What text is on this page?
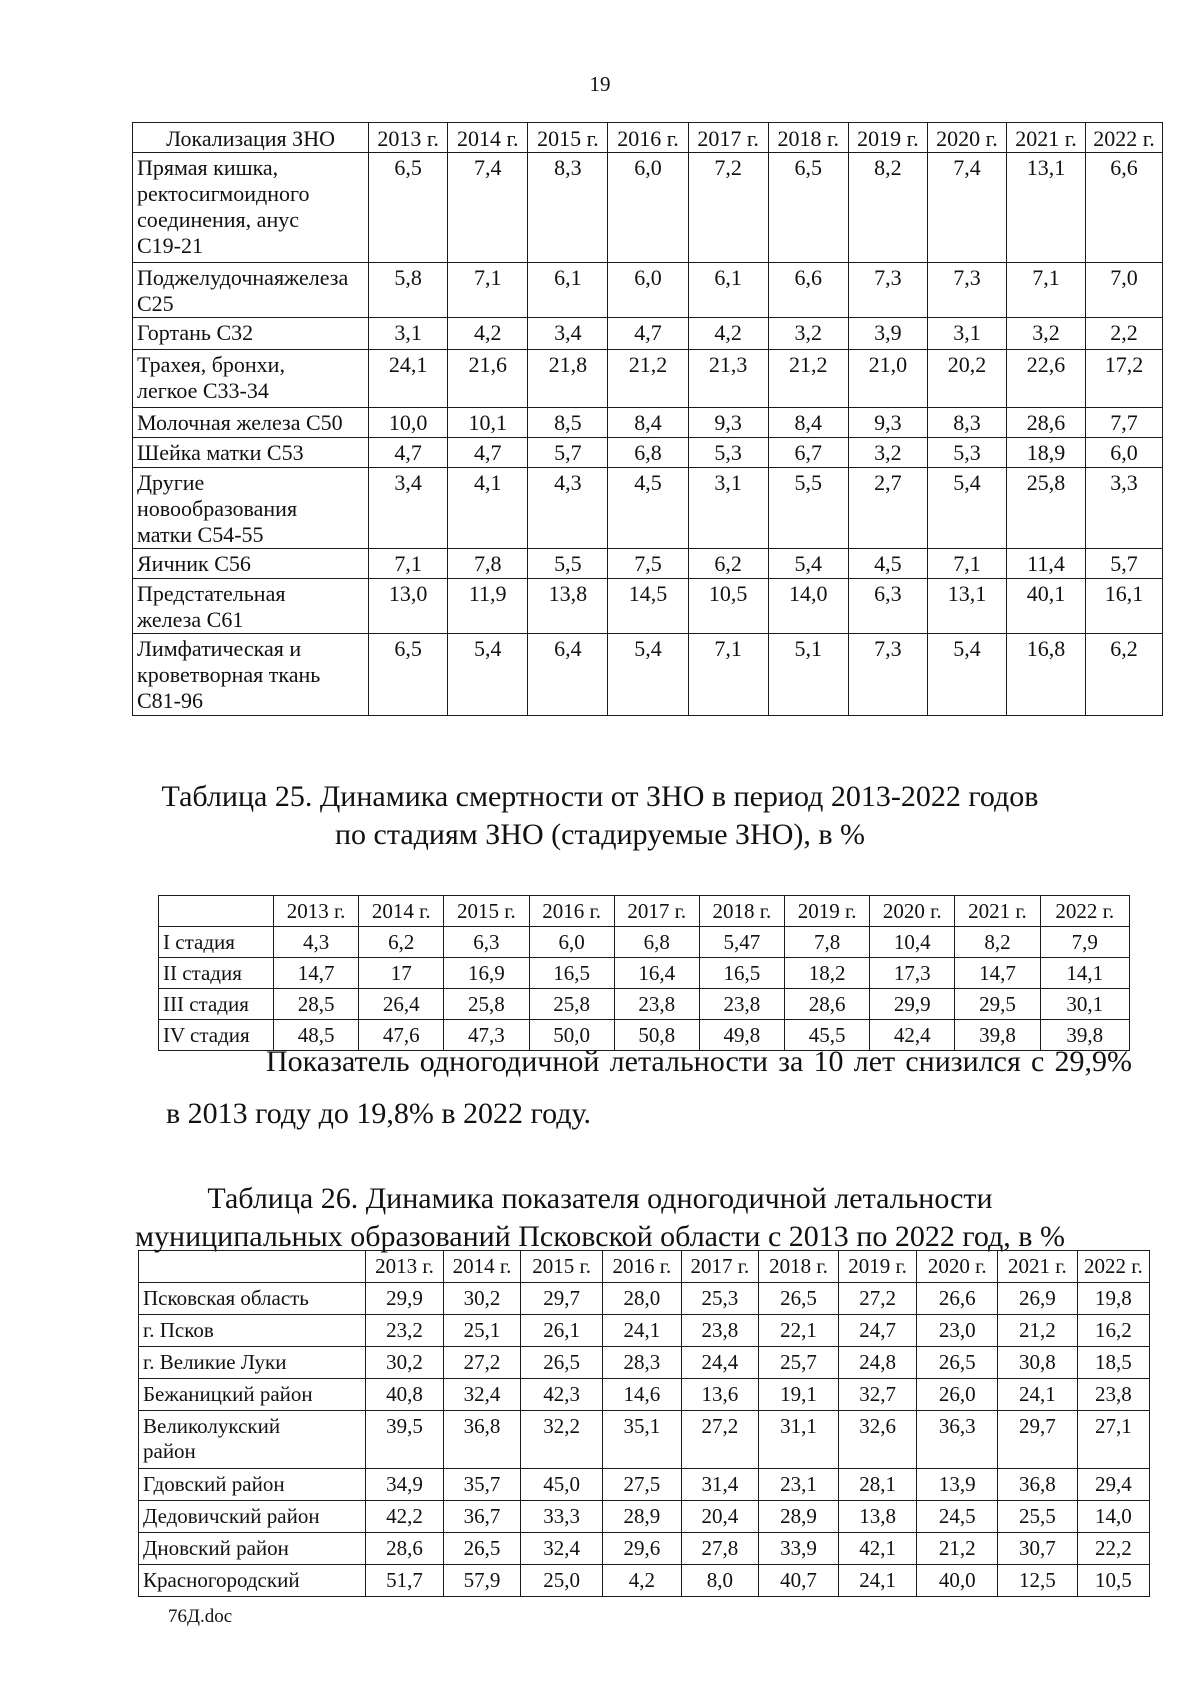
19
Локализация ЗНО	2013 г.	2014 г.	2015 г.	2016 г.	2017 г.	2018 г.	2019 г.	2020 г.	2021 г.	2022 г.
Прямая кишка,
ректосигмоидного
соединения, анус
С19-21	6,5	7,4	8,3	6,0	7,2	6,5	8,2	7,4	13,1	6,6
Поджелудочнаяжелеза
С25	5,8	7,1	6,1	6,0	6,1	6,6	7,3	7,3	7,1	7,0
Гортань С32	3,1	4,2	3,4	4,7	4,2	3,2	3,9	3,1	3,2	2,2
Трахея, бронхи,
легкое С33-34	24,1	21,6	21,8	21,2	21,3	21,2	21,0	20,2	22,6	17,2
Молочная железа С50	10,0	10,1	8,5	8,4	9,3	8,4	9,3	8,3	28,6	7,7
Шейка матки С53	4,7	4,7	5,7	6,8	5,3	6,7	3,2	5,3	18,9	6,0
Другие
новообразования
матки С54-55	3,4	4,1	4,3	4,5	3,1	5,5	2,7	5,4	25,8	3,3
Яичник С56	7,1	7,8	5,5	7,5	6,2	5,4	4,5	7,1	11,4	5,7
Предстательная
железа С61	13,0	11,9	13,8	14,5	10,5	14,0	6,3	13,1	40,1	16,1
Лимфатическая и
кроветворная ткань
С81-96	6,5	5,4	6,4	5,4	7,1	5,1	7,3	5,4	16,8	6,2
Таблица 25. Динамика смертности от ЗНО в период 2013-2022 годов
по стадиям ЗНО (стадируемые ЗНО), в %
	2013 г.	2014 г.	2015 г.	2016 г.	2017 г.	2018 г.	2019 г.	2020 г.	2021 г.	2022 г.
I стадия	4,3	6,2	6,3	6,0	6,8	5,47	7,8	10,4	8,2	7,9
II стадия	14,7	17	16,9	16,5	16,4	16,5	18,2	17,3	14,7	14,1
III стадия	28,5	26,4	25,8	25,8	23,8	23,8	28,6	29,9	29,5	30,1
IV стадия	48,5	47,6	47,3	50,0	50,8	49,8	45,5	42,4	39,8	39,8
Показатель одногодичной летальности за 10 лет снизился с 29,9%
в 2013 году до 19,8% в 2022 году.
Таблица 26. Динамика показателя одногодичной летальности
муниципальных образований Псковской области с 2013 по 2022 год, в %
	2013 г.	2014 г.	2015 г.	2016 г.	2017 г.	2018 г.	2019 г.	2020 г.	2021 г.	2022 г.
Псковская область	29,9	30,2	29,7	28,0	25,3	26,5	27,2	26,6	26,9	19,8
г. Псков	23,2	25,1	26,1	24,1	23,8	22,1	24,7	23,0	21,2	16,2
г. Великие Луки	30,2	27,2	26,5	28,3	24,4	25,7	24,8	26,5	30,8	18,5
Бежаницкий район	40,8	32,4	42,3	14,6	13,6	19,1	32,7	26,0	24,1	23,8
Великолукский
район	39,5	36,8	32,2	35,1	27,2	31,1	32,6	36,3	29,7	27,1
Гдовский район	34,9	35,7	45,0	27,5	31,4	23,1	28,1	13,9	36,8	29,4
Дедовичский район	42,2	36,7	33,3	28,9	20,4	28,9	13,8	24,5	25,5	14,0
Дновский район	28,6	26,5	32,4	29,6	27,8	33,9	42,1	21,2	30,7	22,2
Красногородский	51,7	57,9	25,0	4,2	8,0	40,7	24,1	40,0	12,5	10,5
76Д.doc
